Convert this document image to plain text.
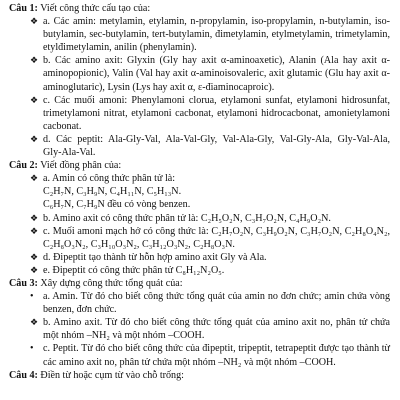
Câu 1: Viết công thức cấu tạo của:
❖ a. Các amin: metylamin, etylamin, n-propylamin, iso-propylamin, n-butylamin, iso-butylamin, sec-butylamin, tert-butylamin, đimetylamin, etylmetylamin, trimetylamin, etylđimetylamin, anilin (phenylamin).
❖ b. Các amino axit: Glyxin (Gly hay axit α-aminoaxetic), Alanin (Ala hay axit α-aminopopionic), Valin (Val hay axit α-aminoisovaleric, axit glutamic (Glu hay axit α-aminoglutaric), Lysin (Lys hay axit α, ε-điaminocaproic).
❖ c. Các muối amoni: Phenylamoni clorua, etylamoni sunfat, etylamoni hidrosunfat, trimetylamoni nitrat, etylamoni cacbonat, etylamoni hidrocacbonat, amonietylamoni cacbonat.
❖ d. Các peptit: Ala-Gly-Val, Ala-Val-Gly, Val-Ala-Gly, Val-Gly-Ala, Gly-Val-Ala, Gly-Ala-Val.
Câu 2: Viết đồng phân của:
❖ a. Amin có công thức phân tử là:
C₂H₇N, C₃H₉N, C₄H₁₁N, C₅H₁₃N.
C₆H₇N, C₇H₉N đều có vòng benzen.
❖ b. Amino axit có công thức phân tử là: C₂H₅O₂N, C₃H₇O₂N, C₄H₉O₂N.
❖ c. Muối amoni mạch hở có công thức là: C₂H₇O₂N, C₃H₉O₂N, C₃H₇O₂N, C₂H₈O₄N₂, C₂H₈O₃N₂, C₃H₁₀O₃N₂, C₃H₁₂O₃N₂, C₂H₈O₃N.
❖ d. Đipeptit tạo thành từ hỗn hợp amino axit Gly và Ala.
❖ e. Đipeptit có công thức phân tử C₈H₁₂N₂O₅.
Câu 3: Xây dựng công thức tổng quát của:
• a. Amin. Từ đó cho biết công thức tổng quát của amin no đơn chức; amin chứa vòng benzen, đơn chức.
❖ b. Amino axit. Từ đó cho biết công thức tổng quát của amino axit no, phân tử chứa một nhóm –NH₂ và một nhóm –COOH.
• c. Peptit. Từ đó cho biết công thức của đipeptit, tripeptit, tetrapeptit được tạo thành từ các amino axit no, phân tử chứa một nhóm –NH₂ và một nhóm –COOH.
Câu 4: Điền từ hoặc cụm từ vào chỗ trống:
